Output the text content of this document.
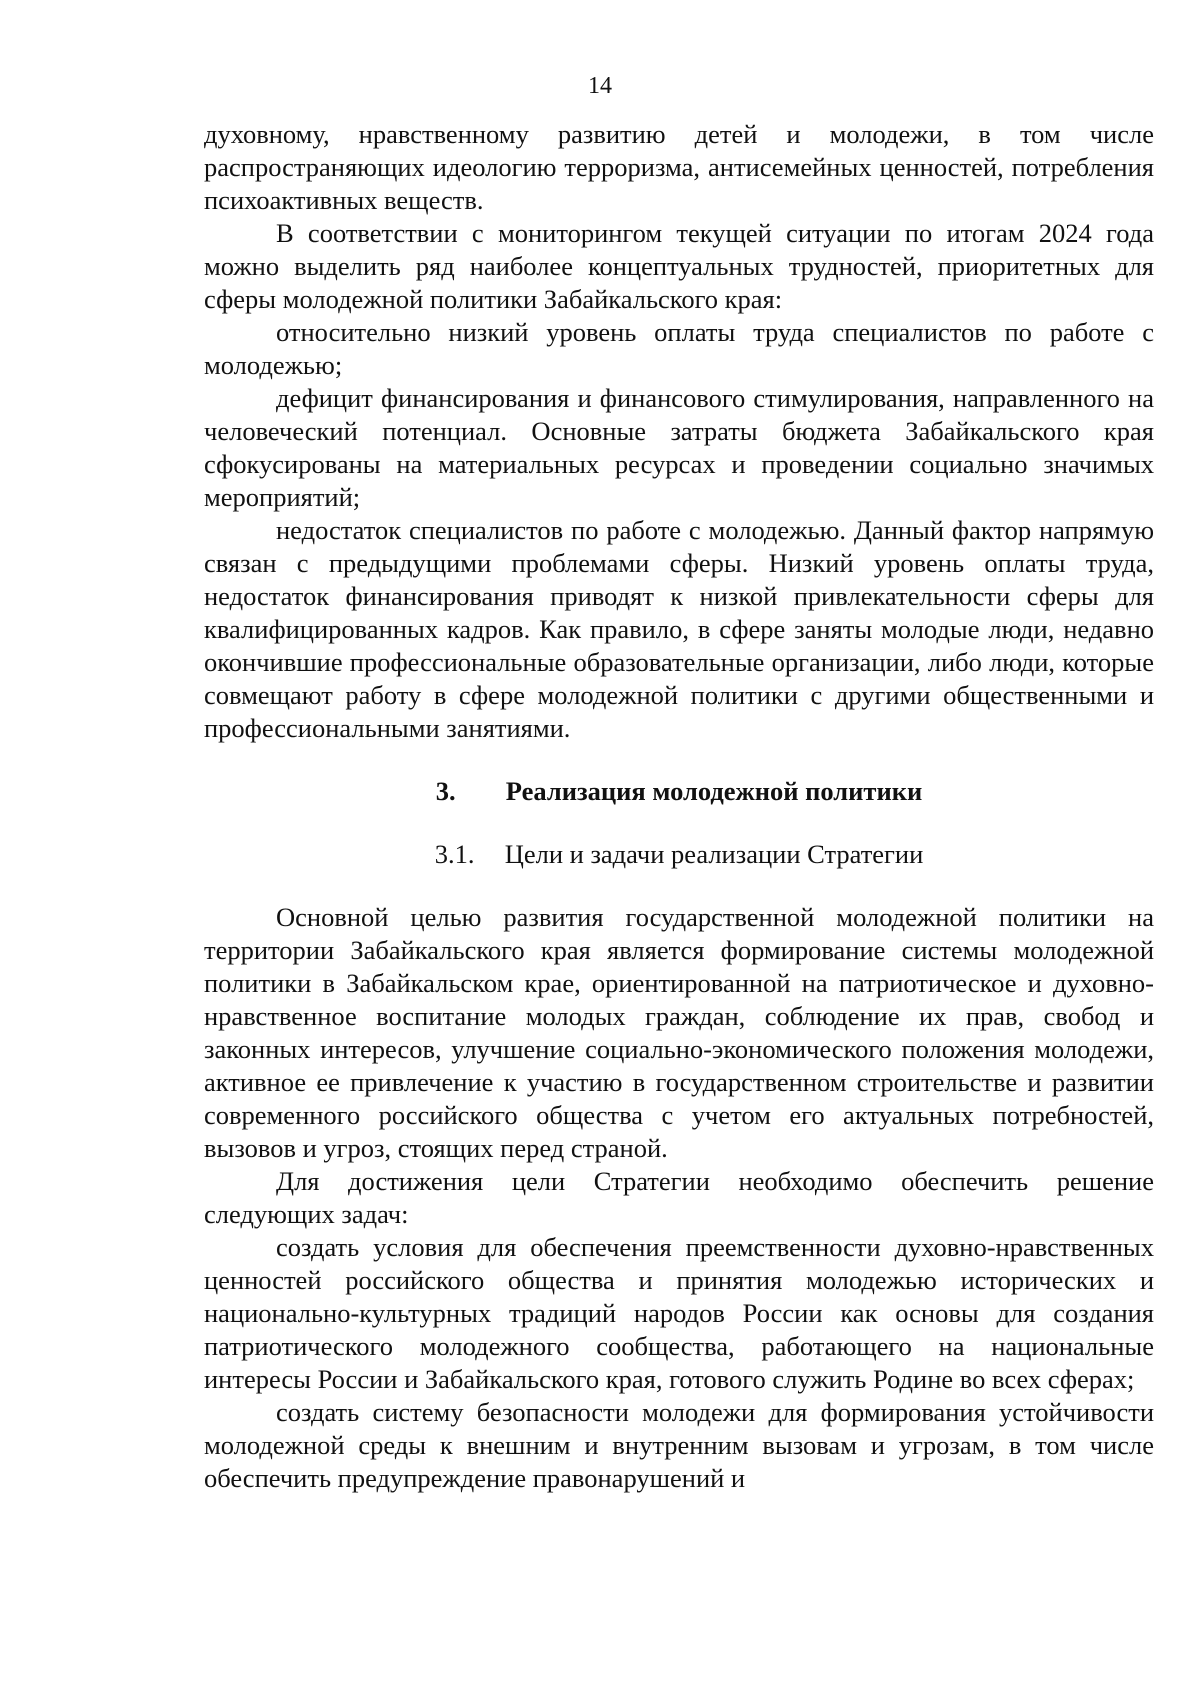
14

духовному, нравственному развитию детей и молодежи, в том числе распространяющих идеологию терроризма, антисемейных ценностей, потребления психоактивных веществ.

В соответствии с мониторингом текущей ситуации по итогам 2024 года можно выделить ряд наиболее концептуальных трудностей, приоритетных для сферы молодежной политики Забайкальского края:

относительно низкий уровень оплаты труда специалистов по работе с молодежью;

дефицит финансирования и финансового стимулирования, направленного на человеческий потенциал. Основные затраты бюджета Забайкальского края сфокусированы на материальных ресурсах и проведении социально значимых мероприятий;

недостаток специалистов по работе с молодежью. Данный фактор напрямую связан с предыдущими проблемами сферы. Низкий уровень оплаты труда, недостаток финансирования приводят к низкой привлекательности сферы для квалифицированных кадров. Как правило, в сфере заняты молодые люди, недавно окончившие профессиональные образовательные организации, либо люди, которые совмещают работу в сфере молодежной политики с другими общественными и профессиональными занятиями.

3.	Реализация молодежной политики
3.1.	Цели и задачи реализации Стратегии

Основной целью развития государственной молодежной политики на территории Забайкальского края является формирование системы молодежной политики в Забайкальском крае, ориентированной на патриотическое и духовно-нравственное воспитание молодых граждан, соблюдение их прав, свобод и законных интересов, улучшение социально-экономического положения молодежи, активное ее привлечение к участию в государственном строительстве и развитии современного российского общества с учетом его актуальных потребностей, вызовов и угроз, стоящих перед страной.

Для достижения цели Стратегии необходимо обеспечить решение следующих задач:

создать условия для обеспечения преемственности духовно-нравственных ценностей российского общества и принятия молодежью исторических и национально-культурных традиций народов России как основы для создания патриотического молодежного сообщества, работающего на национальные интересы России и Забайкальского края, готового служить Родине во всех сферах;

создать систему безопасности молодежи для формирования устойчивости молодежной среды к внешним и внутренним вызовам и угрозам, в том числе обеспечить предупреждение правонарушений и
